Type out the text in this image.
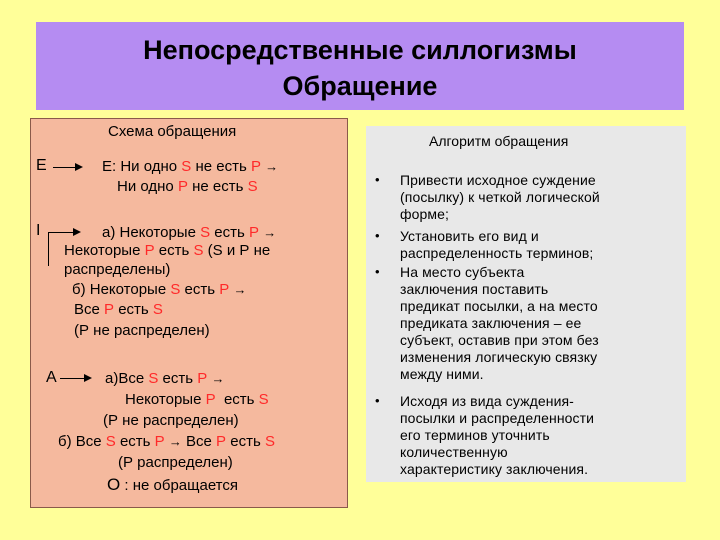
Непосредственные силлогизмы
Обращение
Схема обращения
Е	Е: Ни одно S не есть Р →
Ни одно Р не есть S
I	а) Некоторые S есть Р →
Некоторые Р есть S (S и Р не
распределены)
б) Некоторые S есть Р →
Все Р есть S
(Р не распределен)
А	а)Все S есть Р →
Некоторые Р  есть S
(Р не распределен)
б) Все S есть Р → Все Р есть S
(Р распределен)
О : не обращается
Алгоритм обращения
• Привести исходное суждение
(посылку) к четкой логической
форме;
• Установить его вид и
распределенность терминов;
• На место субъекта
заключения поставить
предикат посылки, а на место
предиката заключения – ее
субъект, оставив при этом без
изменения логическую связку
между ними.
• Исходя из вида суждения-
посылки и распределенности
его терминов уточнить
количественную
характеристику заключения.
